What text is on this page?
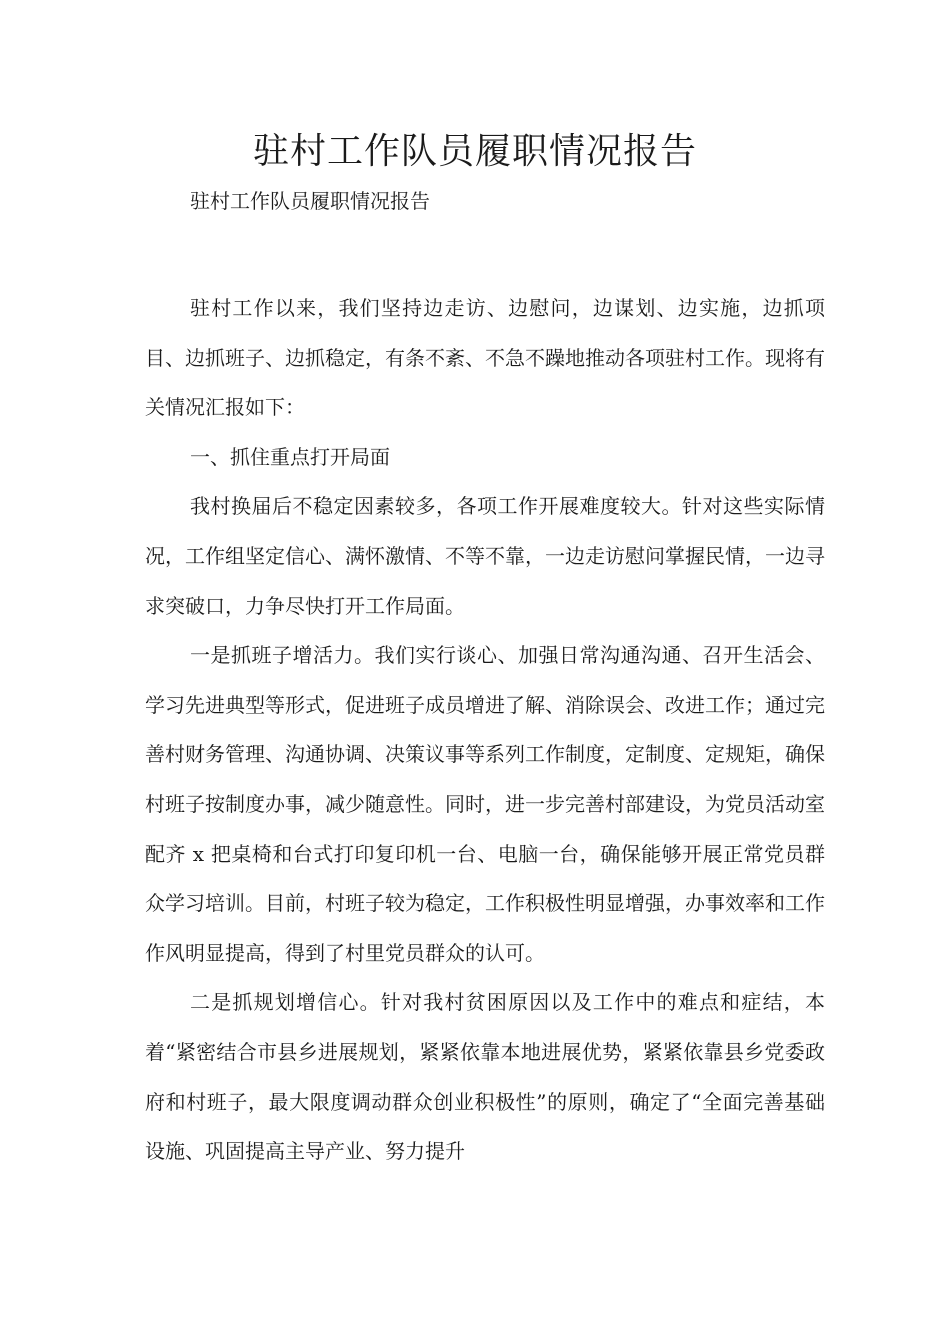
驻村工作队员履职情况报告

驻村工作队员履职情况报告

驻村工作以来，我们坚持边走访、边慰问，边谋划、边实施，边抓项目、边抓班子、边抓稳定，有条不紊、不急不躁地推动各项驻村工作。现将有关情况汇报如下：

一、抓住重点打开局面

我村换届后不稳定因素较多，各项工作开展难度较大。针对这些实际情况，工作组坚定信心、满怀激情、不等不靠，一边走访慰问掌握民情，一边寻求突破口，力争尽快打开工作局面。

一是抓班子增活力。我们实行谈心、加强日常沟通沟通、召开生活会、学习先进典型等形式，促进班子成员增进了解、消除误会、改进工作；通过完善村财务管理、沟通协调、决策议事等系列工作制度，定制度、定规矩，确保村班子按制度办事，减少随意性。同时，进一步完善村部建设，为党员活动室配齐 x 把桌椅和台式打印复印机一台、电脑一台，确保能够开展正常党员群众学习培训。目前，村班子较为稳定，工作积极性明显增强，办事效率和工作作风明显提高，得到了村里党员群众的认可。

二是抓规划增信心。针对我村贫困原因以及工作中的难点和症结，本着“紧密结合市县乡进展规划，紧紧依靠本地进展优势，紧紧依靠县乡党委政府和村班子，最大限度调动群众创业积极性”的原则，确定了“全面完善基础设施、巩固提高主导产业、努力提升
